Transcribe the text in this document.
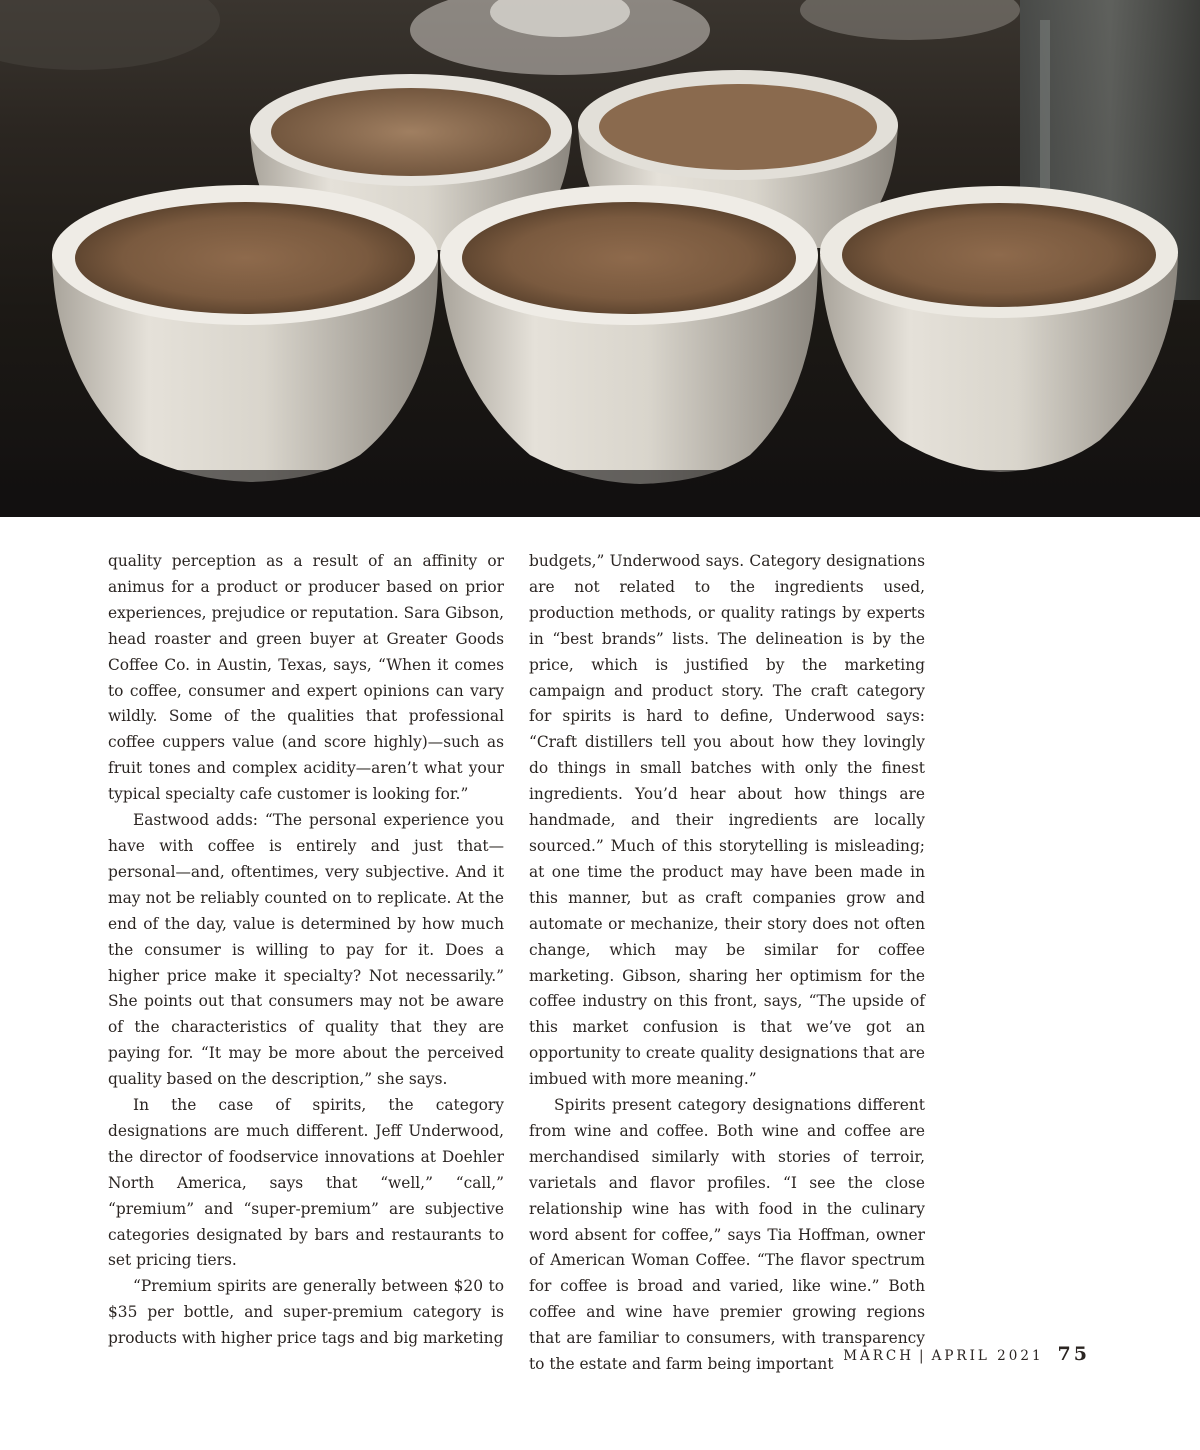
quality perception as a result of an affinity or animus for a product or producer based on prior experiences, prejudice or reputation. Sara Gibson, head roaster and green buyer at Greater Goods Coffee Co. in Austin, Texas, says, “When it comes to coffee, consumer and expert opinions can vary wildly. Some of the qualities that professional coffee cuppers value (and score highly)—such as fruit tones and complex acidity—aren’t what your typical specialty cafe customer is looking for.”

Eastwood adds: “The personal experience you have with coffee is entirely and just that—personal—and, oftentimes, very subjective. And it may not be reliably counted on to replicate. At the end of the day, value is determined by how much the consumer is willing to pay for it. Does a higher price make it specialty? Not necessarily.” She points out that consumers may not be aware of the characteristics of quality that they are paying for. “It may be more about the perceived quality based on the description,” she says.

In the case of spirits, the category designations are much different. Jeff Underwood, the director of foodservice innovations at Doehler North America, says that “well,” “call,” “premium” and “super-premium” are subjective categories designated by bars and restaurants to set pricing tiers.

“Premium spirits are generally between $20 to $35 per bottle, and super-premium category is products with higher price tags and big marketing

budgets,” Underwood says. Category designations are not related to the ingredients used, production methods, or quality ratings by experts in “best brands” lists. The delineation is by the price, which is justified by the marketing campaign and product story. The craft category for spirits is hard to define, Underwood says: “Craft distillers tell you about how they lovingly do things in small batches with only the finest ingredients. You’d hear about how things are handmade, and their ingredients are locally sourced.” Much of this storytelling is misleading; at one time the product may have been made in this manner, but as craft companies grow and automate or mechanize, their story does not often change, which may be similar for coffee marketing. Gibson, sharing her optimism for the coffee industry on this front, says, “The upside of this market confusion is that we’ve got an opportunity to create quality designations that are imbued with more meaning.”

Spirits present category designations different from wine and coffee. Both wine and coffee are merchandised similarly with stories of terroir, varietals and flavor profiles. “I see the close relationship wine has with food in the culinary word absent for coffee,” says Tia Hoffman, owner of American Woman Coffee. “The flavor spectrum for coffee is broad and varied, like wine.” Both coffee and wine have premier growing regions that are familiar to consumers, with transparency to the estate and farm being important MARCH | APRIL 2021 75
